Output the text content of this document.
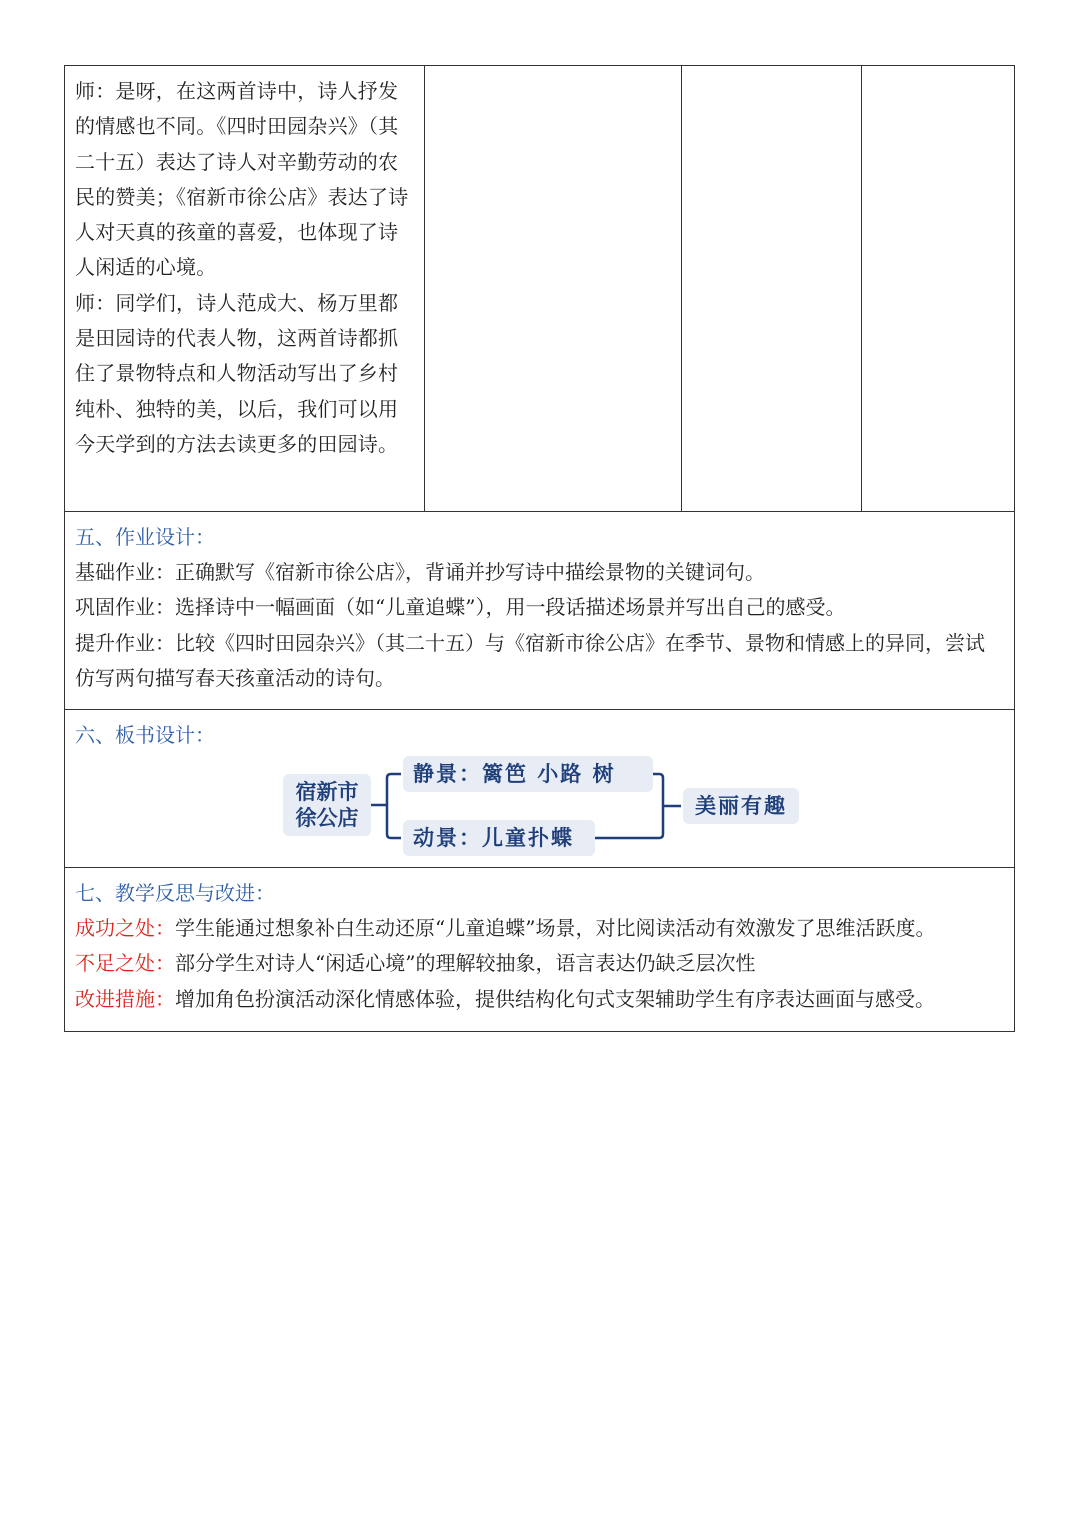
师：是呀，在这两首诗中，诗人抒发的情感也不同。《四时田园杂兴》（其二十五）表达了诗人对辛勤劳动的农民的赞美；《宿新市徐公店》表达了诗人对天真的孩童的喜爱，也体现了诗人闲适的心境。

师：同学们，诗人范成大、杨万里都是田园诗的代表人物，这两首诗都抓住了景物特点和人物活动写出了乡村纯朴、独特的美，以后，我们可以用今天学到的方法去读更多的田园诗。

五、作业设计：

基础作业：正确默写《宿新市徐公店》，背诵并抄写诗中描绘景物的关键词句。

巩固作业：选择诗中一幅画面（如“儿童追蝶”），用一段话描述场景并写出自己的感受。

提升作业：比较《四时田园杂兴》（其二十五）与《宿新市徐公店》在季节、景物和情感上的异同，尝试仿写两句描写春天孩童活动的诗句。

六、板书设计：

宿新市
徐公店
静景：篱笆 小路 树
动景：儿童扑蝶
美丽有趣

七、教学反思与改进：

成功之处：学生能通过想象补白生动还原“儿童追蝶”场景，对比阅读活动有效激发了思维活跃度。

不足之处：部分学生对诗人“闲适心境”的理解较抽象，语言表达仍缺乏层次性

改进措施：增加角色扮演活动深化情感体验，提供结构化句式支架辅助学生有序表达画面与感受。
